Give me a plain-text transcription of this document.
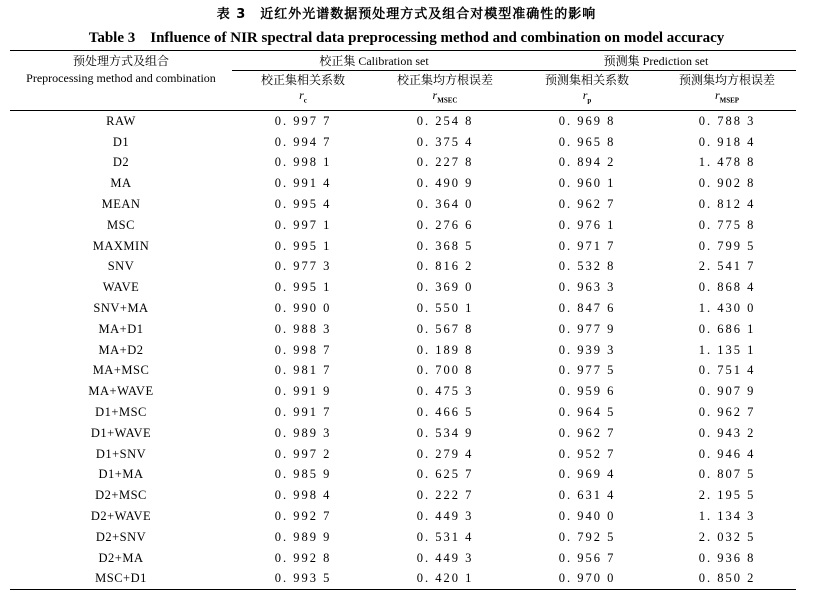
表 3　近红外光谱数据预处理方式及组合对模型准确性的影响
Table 3　Influence of NIR spectral data preprocessing method and combination on model accuracy
预处理方式及组合
Preprocessing method and combination	校正集 Calibration set		预测集 Prediction set	
	校正集相关系数	校正集均方根误差	预测集相关系数	预测集均方根误差
	$r_c$	$r_{MSEC}$	$r_p$	$r_{MSEP}$
RAW	0. 997 7	0. 254 8	0. 969 8	0. 788 3
D1	0. 994 7	0. 375 4	0. 965 8	0. 918 4
D2	0. 998 1	0. 227 8	0. 894 2	1. 478 8
MA	0. 991 4	0. 490 9	0. 960 1	0. 902 8
MEAN	0. 995 4	0. 364 0	0. 962 7	0. 812 4
MSC	0. 997 1	0. 276 6	0. 976 1	0. 775 8
MAXMIN	0. 995 1	0. 368 5	0. 971 7	0. 799 5
SNV	0. 977 3	0. 816 2	0. 532 8	2. 541 7
WAVE	0. 995 1	0. 369 0	0. 963 3	0. 868 4
SNV+MA	0. 990 0	0. 550 1	0. 847 6	1. 430 0
MA+D1	0. 988 3	0. 567 8	0. 977 9	0. 686 1
MA+D2	0. 998 7	0. 189 8	0. 939 3	1. 135 1
MA+MSC	0. 981 7	0. 700 8	0. 977 5	0. 751 4
MA+WAVE	0. 991 9	0. 475 3	0. 959 6	0. 907 9
D1+MSC	0. 991 7	0. 466 5	0. 964 5	0. 962 7
D1+WAVE	0. 989 3	0. 534 9	0. 962 7	0. 943 2
D1+SNV	0. 997 2	0. 279 4	0. 952 7	0. 946 4
D1+MA	0. 985 9	0. 625 7	0. 969 4	0. 807 5
D2+MSC	0. 998 4	0. 222 7	0. 631 4	2. 195 5
D2+WAVE	0. 992 7	0. 449 3	0. 940 0	1. 134 3
D2+SNV	0. 989 9	0. 531 4	0. 792 5	2. 032 5
D2+MA	0. 992 8	0. 449 3	0. 956 7	0. 936 8
MSC+D1	0. 993 5	0. 420 1	0. 970 0	0. 850 2
